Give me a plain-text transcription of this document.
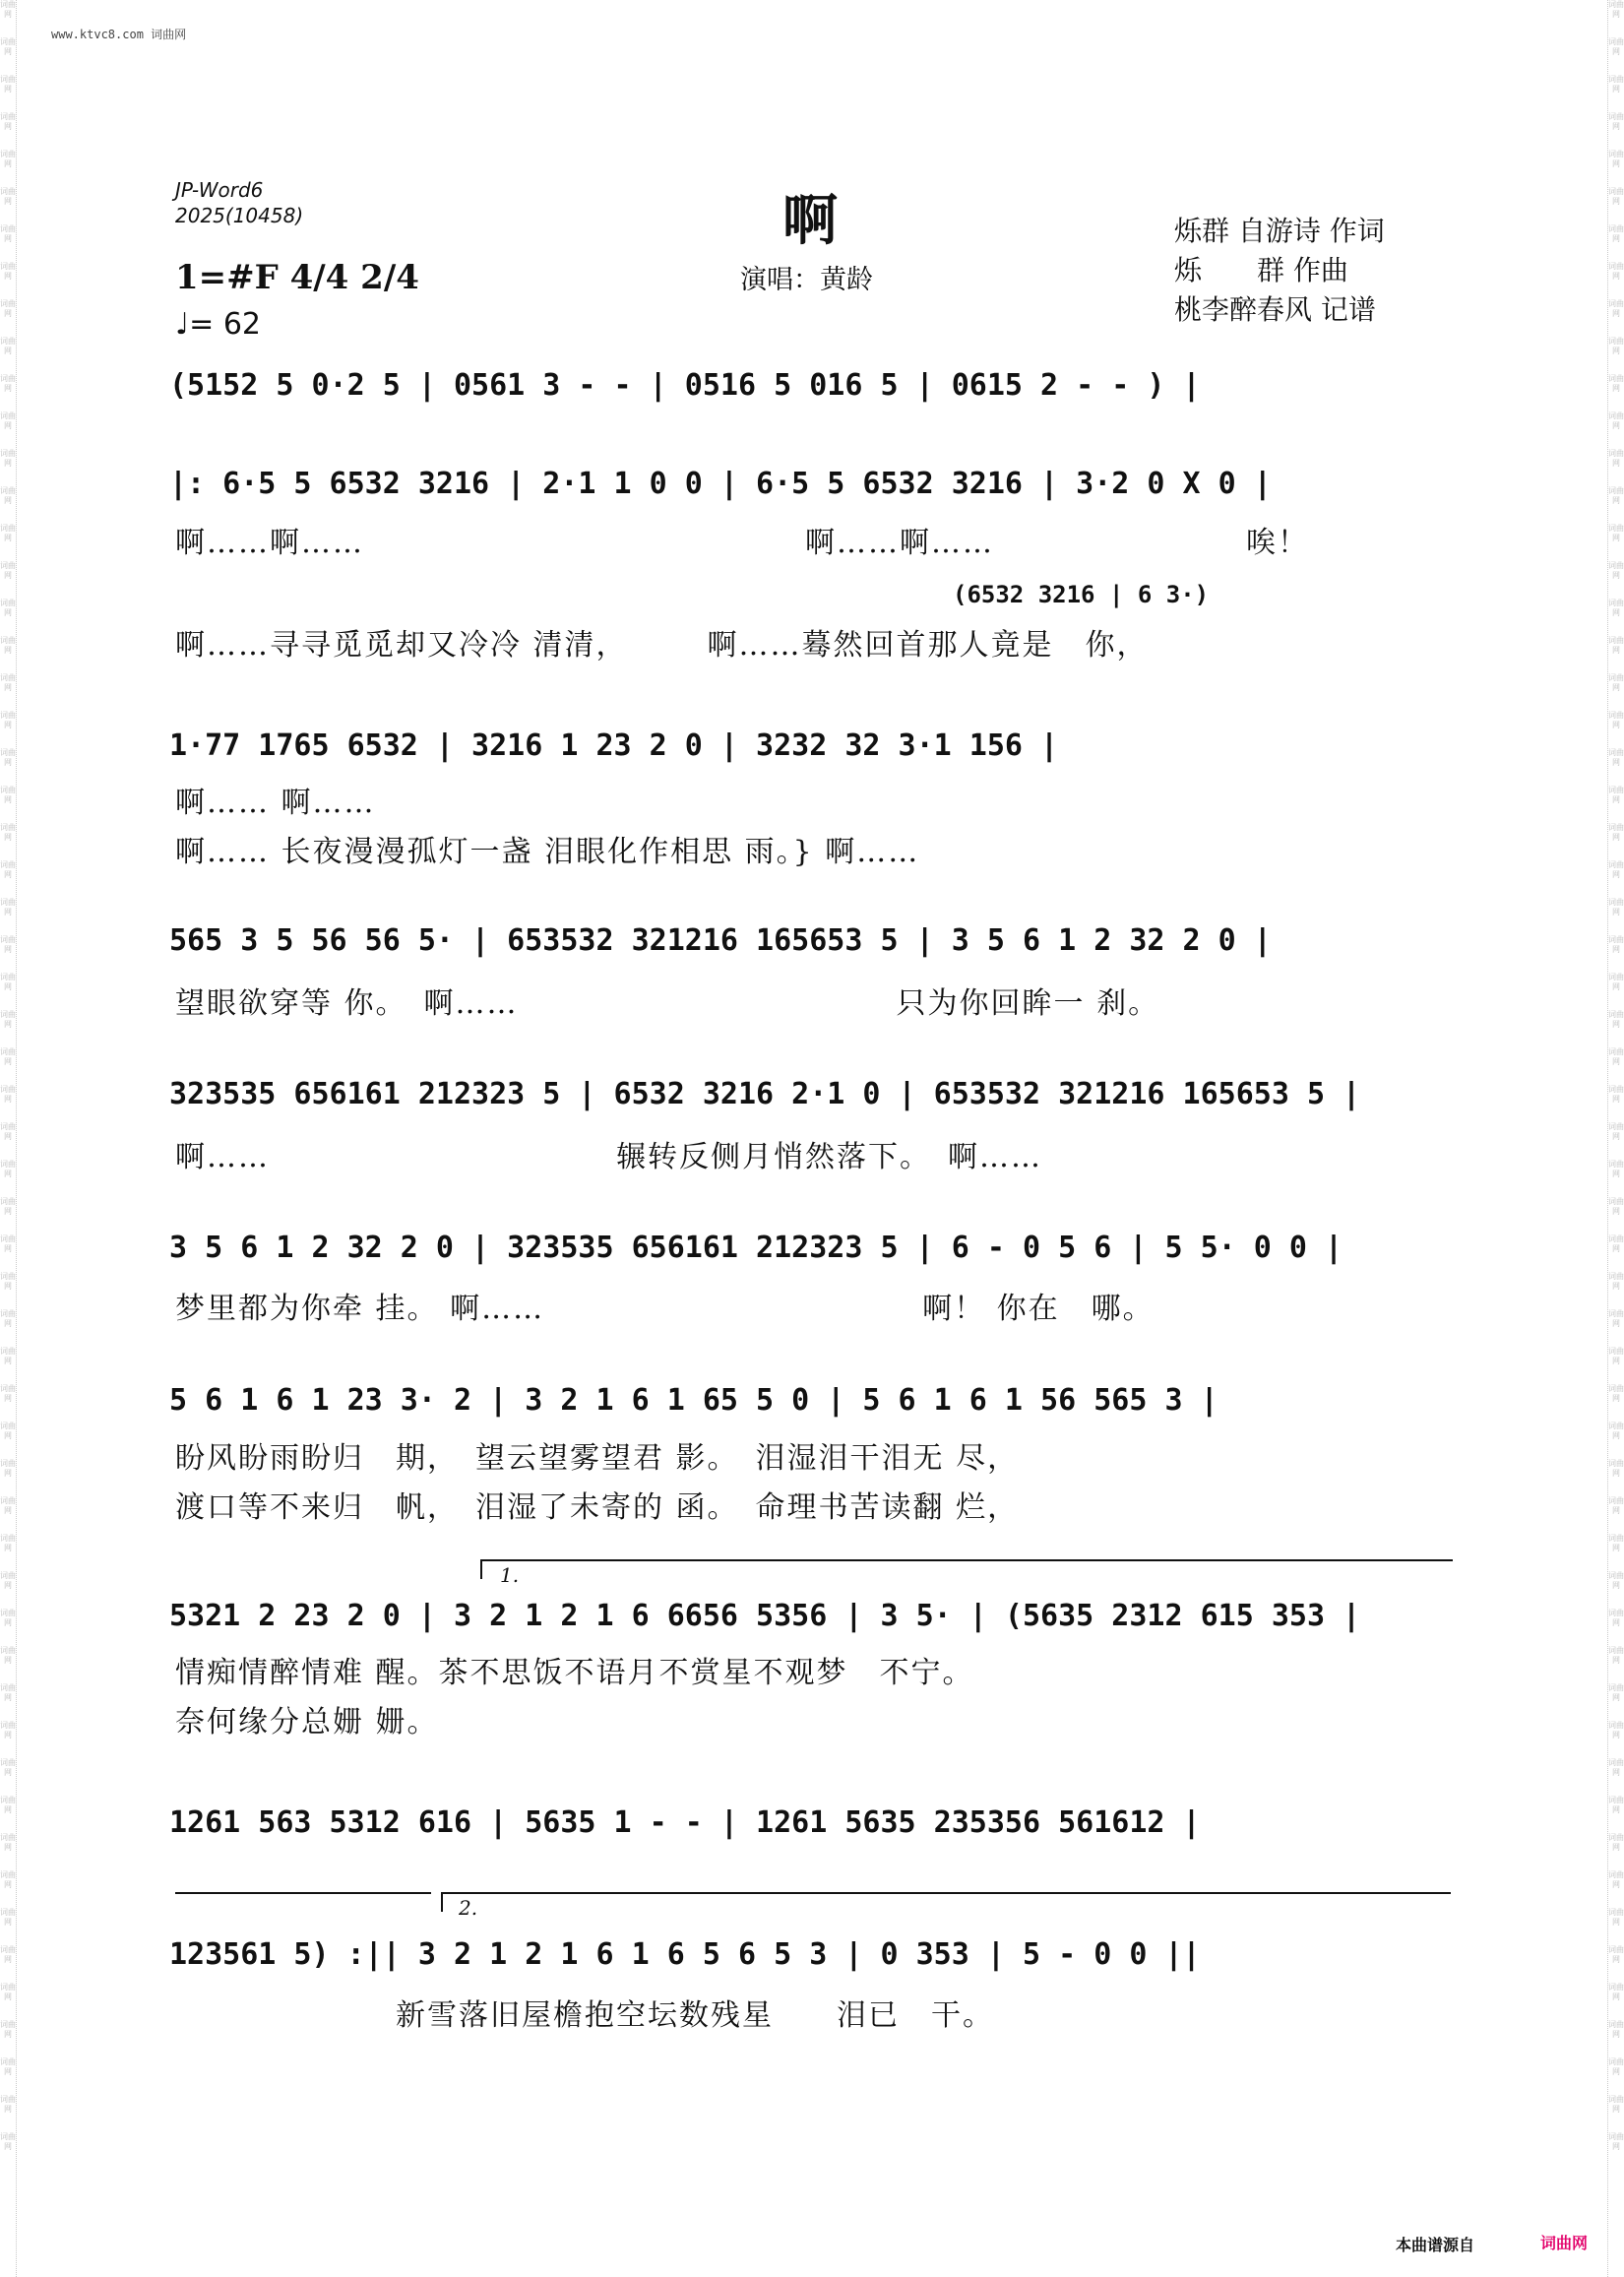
词曲网
词曲网
词曲网
词曲网
词曲网
词曲网
词曲网
词曲网
词曲网
词曲网
词曲网
词曲网
词曲网
词曲网
词曲网
词曲网
词曲网
词曲网
词曲网
词曲网
词曲网
词曲网
词曲网
词曲网
词曲网
词曲网
词曲网
词曲网
词曲网
词曲网
词曲网
词曲网
词曲网
词曲网
词曲网
词曲网
词曲网
词曲网
词曲网
词曲网
词曲网
词曲网
词曲网
词曲网
词曲网
词曲网
词曲网
词曲网
词曲网
词曲网
词曲网
词曲网
词曲网
词曲网
词曲网
词曲网
词曲网
词曲网
词曲网
词曲网
词曲网
词曲网
词曲网
词曲网
词曲网
词曲网
词曲网
词曲网
词曲网
词曲网
词曲网
词曲网
词曲网
词曲网
词曲网
词曲网
词曲网
词曲网
词曲网
词曲网
词曲网
词曲网
词曲网
词曲网
词曲网
词曲网
词曲网
词曲网
词曲网
词曲网
词曲网
词曲网
词曲网
词曲网
词曲网
词曲网
词曲网
词曲网
词曲网
词曲网
词曲网
词曲网
词曲网
词曲网
词曲网
词曲网
词曲网
词曲网
词曲网
词曲网
词曲网
词曲网
词曲网
词曲网
词曲网
词曲网
www.ktvc8.com 词曲网
JP-Word6
2025(10458)	啊
演唱：黄龄
烁群 自游诗 作词
烁　　群 作曲
桃李醉春风 记谱
1=#F 4/4 2/4
♩= 62
(5152 5 0·2 5 | 0561 3 - - | 0516 5 016 5 | 0615 2 - - ) |
|: 6·5 5 6532 3216 | 2·1 1 0 0 | 6·5 5 6532 3216 | 3·2 0 X 0 |
啊……啊……　　　　　　　　　　　　　　啊……啊……　　　　　　　　唉！
(6532 3216 | 6 3·)
啊……寻寻觅觅却又冷冷 清清，　　　啊……蓦然回首那人竟是　你，
1·77 1765 6532 | 3216 1 23 2 0 | 3232 32 3·1 156 |
啊…… 啊……
啊…… 长夜漫漫孤灯一盏 泪眼化作相思 雨。} 啊……
565 3 5 56 56 5· | 653532 321216 165653 5 | 3 5 6 1 2 32 2 0 |
望眼欲穿等 你。　啊……　　　　　　　　　　　　只为你回眸一 刹。
323535 656161 212323 5 | 6532 3216 2·1 0 | 653532 321216 165653 5 |
啊……　　　　　　　　　　　辗转反侧月悄然落下。　啊……
3 5 6 1 2 32 2 0 | 323535 656161 212323 5 | 6 - 0 5 6 | 5 5· 0 0 |
梦里都为你牵 挂。 啊……　　　　　　　　　　　　啊！ 你在　哪。
5 6 1 6 1 23 3· 2 | 3 2 1 6 1 65 5 0 | 5 6 1 6 1 56 565 3 |
盼风盼雨盼归　期，　望云望雾望君 影。　泪湿泪干泪无 尽，
渡口等不来归　帆，　泪湿了未寄的 函。　命理书苦读翻 烂，
1.
5321 2 23 2 0 | 3 2 1 2 1 6 6656 5356 | 3 5· | (5635 2312 615 353 |
情痴情醉情难 醒。茶不思饭不语月不赏星不观梦　不宁。
奈何缘分总姗 姗。
1261 563 5312 616 | 5635 1 - - | 1261 5635 235356 561612 |
2.
123561 5) :|| 3 2 1 2 1 6 1 6 5 6 5 3 | 0 353 | 5 - 0 0 ||
　　　　　　　新雪落旧屋檐抱空坛数残星　　泪已　干。
本曲谱源自	词曲网
